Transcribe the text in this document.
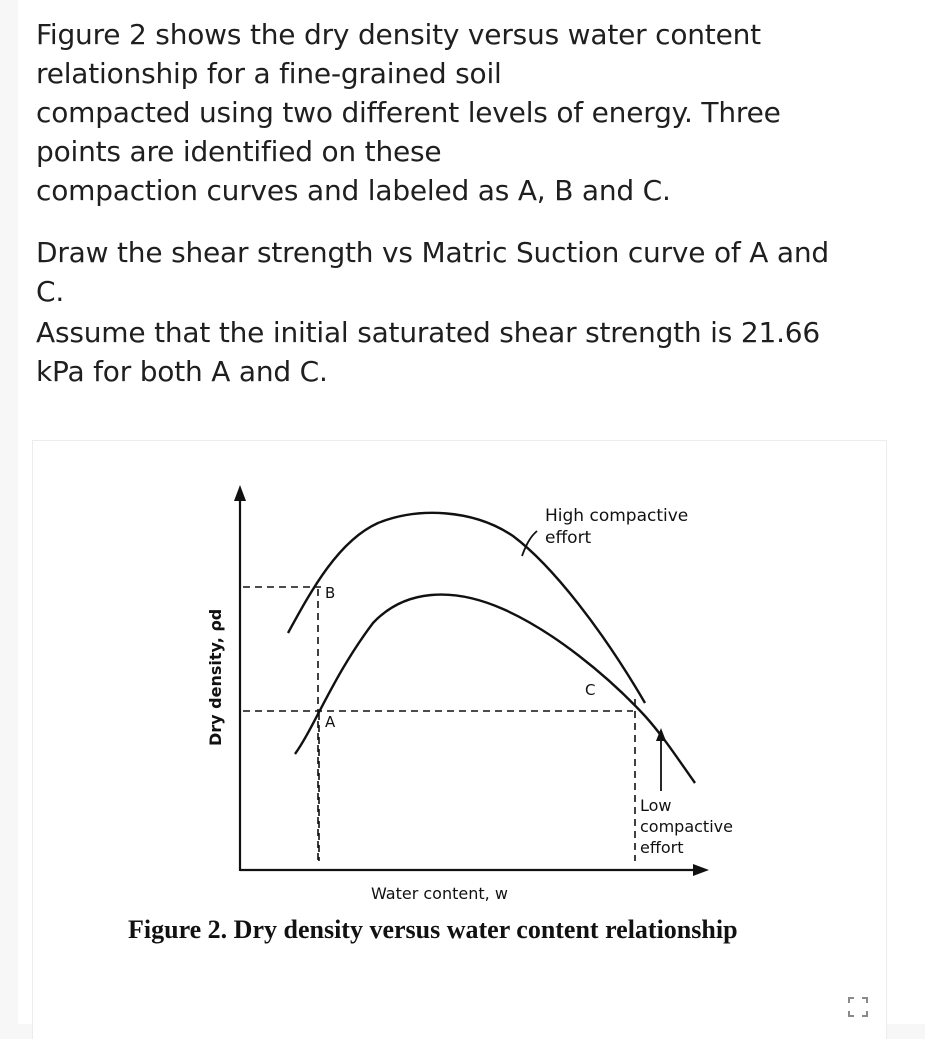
Figure 2 shows the dry density versus water content
relationship for a fine-grained soil
compacted using two different levels of energy. Three
points are identified on these
compaction curves and labeled as A, B and C.
Draw the shear strength vs Matric Suction curve of A and
C.
Assume that the initial saturated shear strength is 21.66
kPa for both A and C.
B
A
C
High compactive
effort
Low
compactive
effort
Dry density, ρd
Water content, w
Figure 2. Dry density versus water content relationship
